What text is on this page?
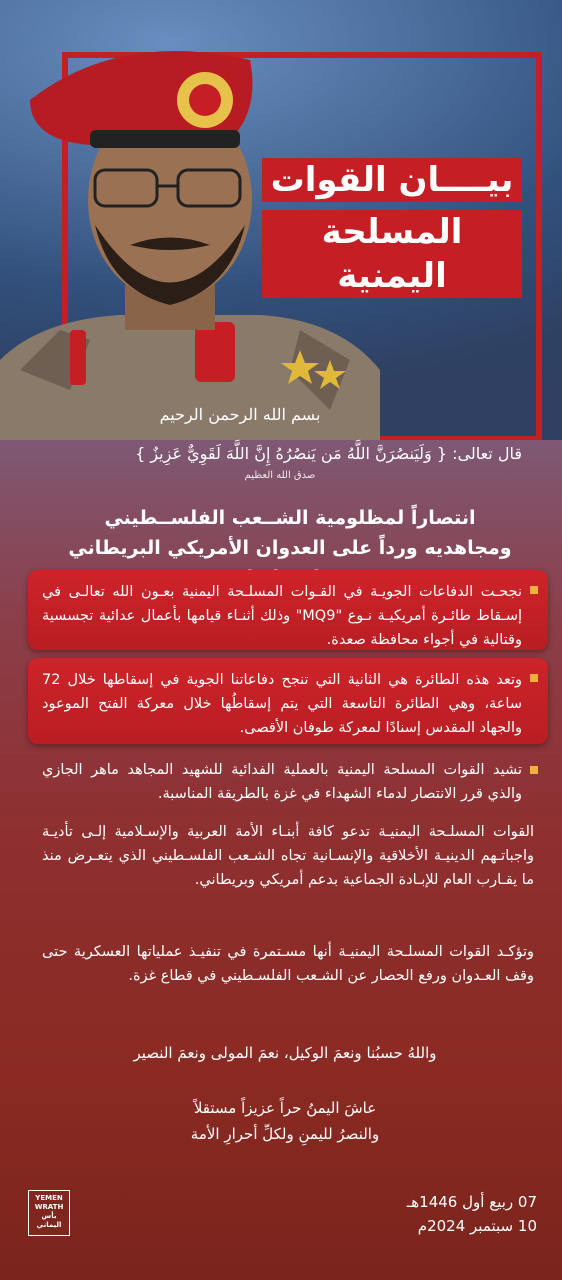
بيــــان القوات
المسلحة اليمنية
بسم الله الرحمن الرحيم
قال تعالى: { وَلَيَنصُرَنَّ اللَّهُ مَن يَنصُرُهُ إِنَّ اللَّهَ لَقَوِيٌّ عَزِيزٌ }
صدق الله العظيم
انتصاراً لمظلومية الشــعب الفلســطيني ومجاهديه ورداً على العدوان الأمريكي البريطاني

نجحـت الدفاعات الجويـة في القـوات المسلـحة اليمنية بعـون الله تعالـى في إسـقاط طائـرة أمريكيـة نـوع "MQ9" وذلك أثنـاء قيامها بأعمال عدائية تجسسية وقتالية في أجواء محافظة صعدة.

وتعد هذه الطائرة هي الثانية التي تنجح دفاعاتنا الجوية في إسقاطها خلال 72 ساعة، وهي الطائرة التاسعة التي يتم إسقاطُها خلال معركة الفتح الموعود والجهاد المقدس إسنادًا لمعركة طوفان الأقصى.

تشيد القوات المسلحة اليمنية بالعملية الفدائية للشهيد المجاهد ماهر الجازي والذي قرر الانتصار لدماء الشهداء في غزة بالطريقة المناسبة.

القوات المسلـحة اليمنيـة تدعو كافة أبنـاء الأمة العربية والإسـلامية إلـى تأديـة واجباتـهم الدينيـة الأخلاقية والإنسـانية تجاه الشـعب الفلسـطيني الذي يتعـرض منذ ما يقـارب العام للإبـادة الجماعية بدعم أمريكي وبريطاني.

وتؤكـد القوات المسلـحة اليمنيـة أنها مسـتمرة في تنفيـذ عملياتها العسكرية حتى وقف العـدوان ورفع الحصار عن الشـعب الفلسـطيني في قطاع غزة.

واللهُ حسبُنا ونعمَ الوكيل، نعمَ المولى ونعمَ النصير
عاشَ اليمنُ حراً عزيزاً مستقلاً
والنصرُ لليمنِ ولكلِّ أحرارِ الأمة
07 ربيع أول 1446هـ
10 سبتمبر 2024م
YEMEN
WRATH
بأس اليماني
